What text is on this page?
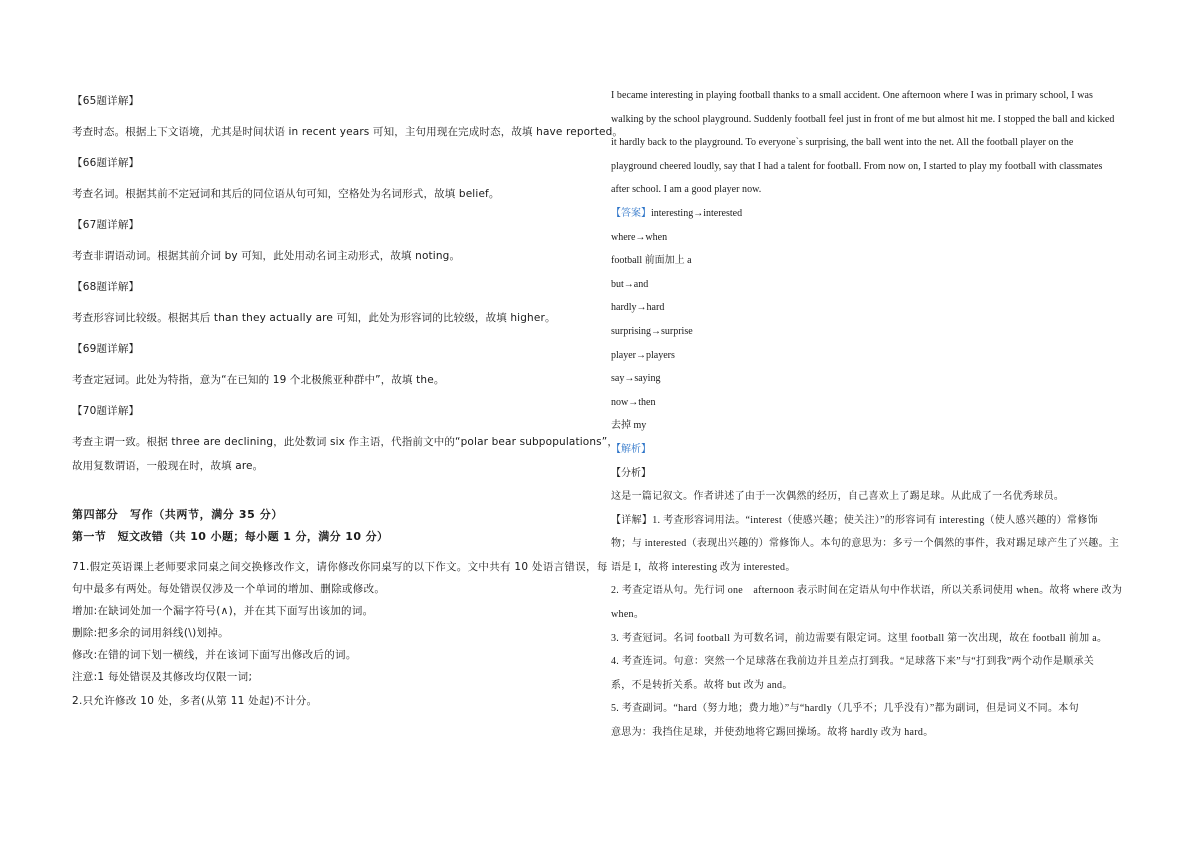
【65题详解】
考查时态。根据上下文语境，尤其是时间状语 in recent years 可知，主句用现在完成时态，故填 have reported。
【66题详解】
考查名词。根据其前不定冠词和其后的同位语从句可知，空格处为名词形式，故填 belief。
【67题详解】
考查非谓语动词。根据其前介词 by 可知，此处用动名词主动形式，故填 noting。
【68题详解】
考查形容词比较级。根据其后 than they actually are 可知，此处为形容词的比较级，故填 higher。
【69题详解】
考查定冠词。此处为特指，意为“在已知的 19 个北极熊亚种群中”，故填 the。
【70题详解】
考查主谓一致。根据 three are declining，此处数词 six 作主语，代指前文中的“polar bear subpopulations”，
故用复数谓语，一般现在时，故填 are。
第四部分　写作（共两节，满分 35 分）
第一节　短文改错（共 10 小题；每小题 1 分，满分 10 分）
71.假定英语课上老师要求同桌之间交换修改作文，请你修改你同桌写的以下作文。文中共有 10 处语言错误，每
句中最多有两处。每处错误仅涉及一个单词的增加、删除或修改。
增加:在缺词处加一个漏字符号(∧)，并在其下面写出该加的词。
删除:把多余的词用斜线(\)划掉。
修改:在错的词下划一横线，并在该词下面写出修改后的词。
注意:1 每处错误及其修改均仅限一词;
2.只允许修改 10 处，多者(从第 11 处起)不计分。
I became interesting in playing football thanks to a small accident. One afternoon where I was in primary school, I was
walking by the school playground. Suddenly football feel just in front of me but almost hit me. I stopped the ball and kicked
it hardly back to the playground. To everyone`s surprising, the ball went into the net. All the football player on the
playground cheered loudly, say that I had a talent for football. From now on, I started to play my football with classmates
after school. I am a good player now.
【答案】interesting→interested
where→when
football 前面加上 a
but→and
hardly→hard
surprising→surprise
player→players
say→saying
now→then
去掉 my
【解析】
【分析】
这是一篇记叙文。作者讲述了由于一次偶然的经历，自己喜欢上了踢足球。从此成了一名优秀球员。
【详解】1. 考查形容词用法。“interest（使感兴趣；使关注）”的形容词有 interesting（使人感兴趣的）常修饰
物；与 interested（表现出兴趣的）常修饰人。本句的意思为：多亏一个偶然的事件，我对踢足球产生了兴趣。主
语是 I，故将 interesting 改为 interested。
2. 考查定语从句。先行词 one　afternoon 表示时间在定语从句中作状语，所以关系词使用 when。故将 where 改为
when。
3. 考查冠词。名词 football 为可数名词，前边需要有限定词。这里 football 第一次出现，故在 football 前加 a。
4. 考查连词。句意：突然一个足球落在我前边并且差点打到我。“足球落下来”与“打到我”两个动作是顺承关
系，不是转折关系。故将 but 改为 and。
5. 考查副词。“hard（努力地；费力地）”与“hardly（几乎不；几乎没有）”都为副词，但是词义不同。本句
意思为：我挡住足球，并使劲地将它踢回操场。故将 hardly 改为 hard。
